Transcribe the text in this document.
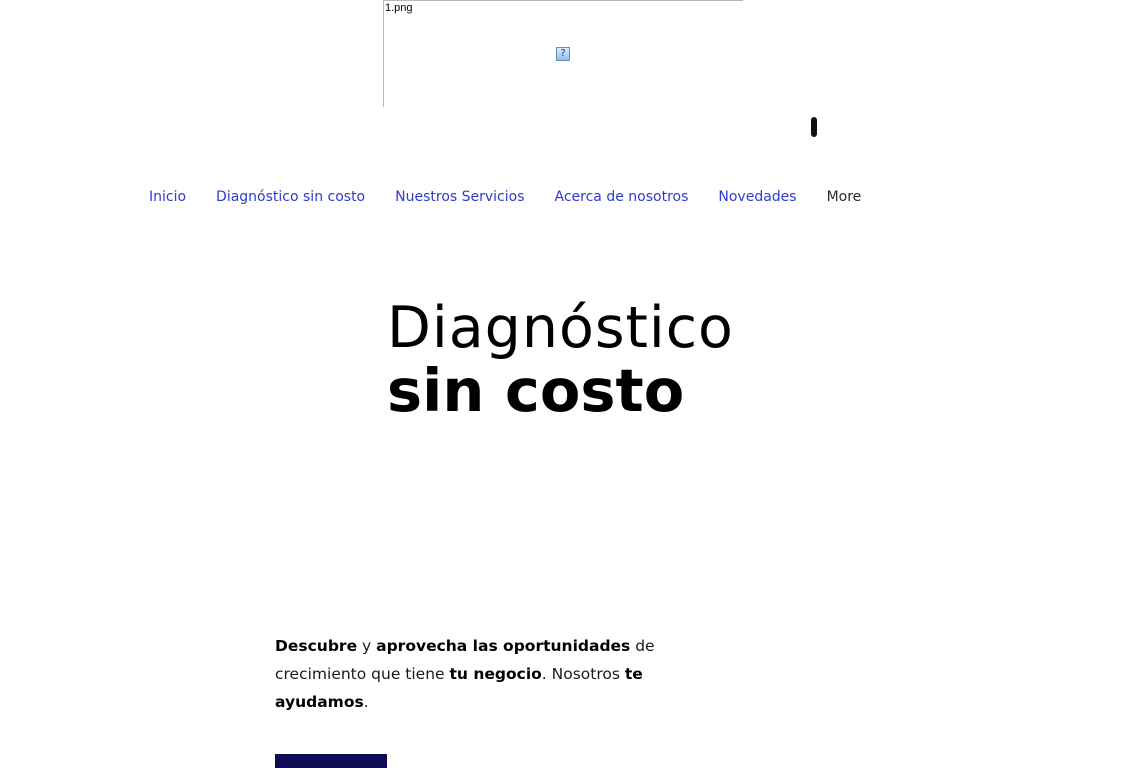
1.png
?
Inicio Diagnóstico sin costo Nuestros Servicios Acerca de nosotros Novedades More
Diagnóstico
sin costo

Descubre y aprovecha las oportunidades de crecimiento que tiene tu negocio. Nosotros te ayudamos.
